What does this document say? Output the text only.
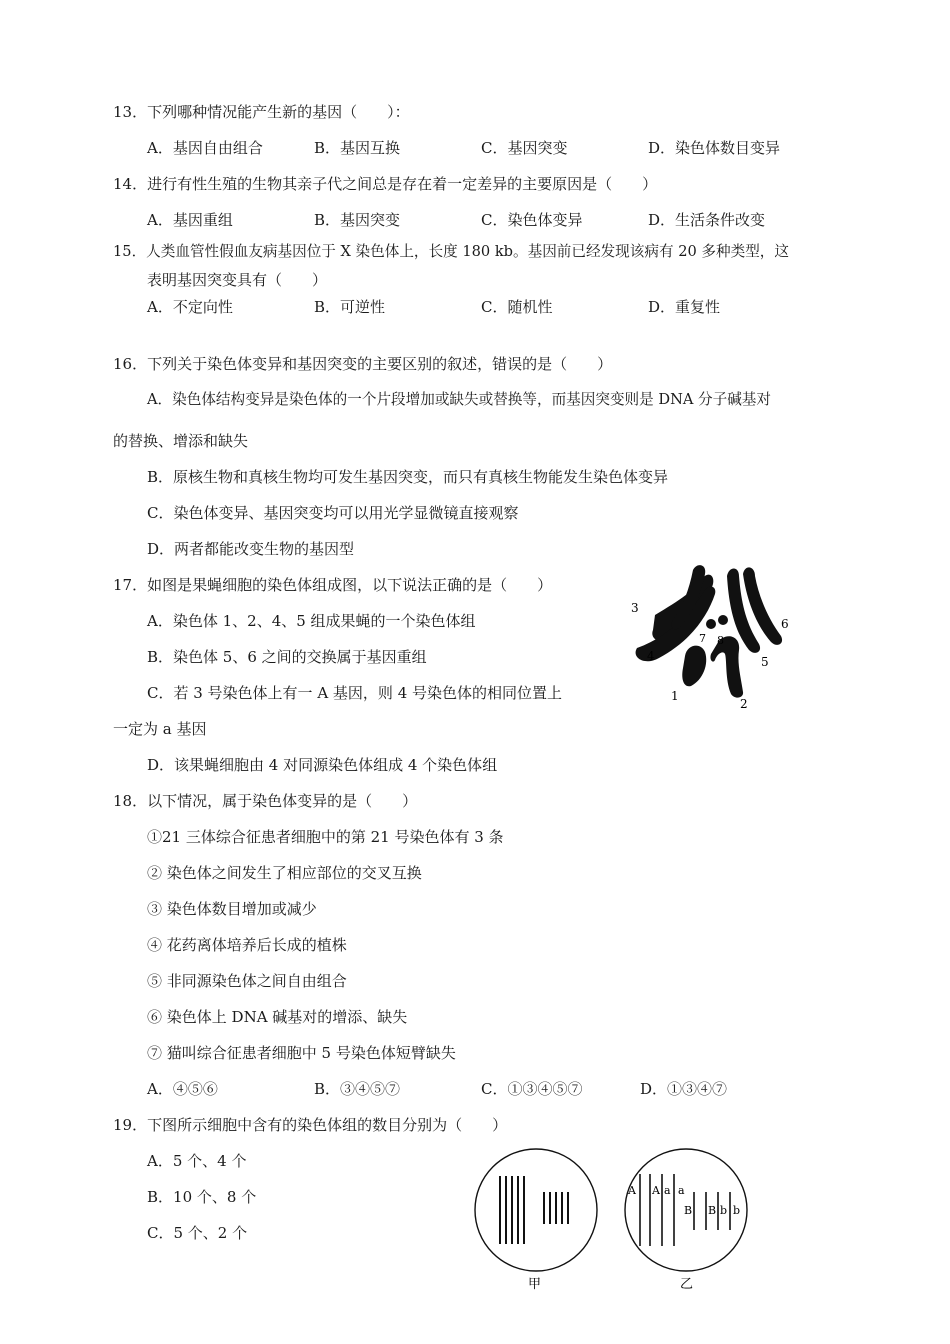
13．下列哪种情况能产生新的基因（　　）：
A．基因自由组合	B．基因互换	C．基因突变	D．染色体数目变异
14．进行有性生殖的生物其亲子代之间总是存在着一定差异的主要原因是（　　）
A．基因重组	B．基因突变	C．染色体变异	D．生活条件改变
15．人类血管性假血友病基因位于 X 染色体上，长度 180 kb。基因前已经发现该病有 20 多种类型，这
表明基因突变具有（　　）
A．不定向性	B．可逆性	C．随机性	D．重复性
16．下列关于染色体变异和基因突变的主要区别的叙述，错误的是（　　）
A．染色体结构变异是染色体的一个片段增加或缺失或替换等，而基因突变则是 DNA 分子碱基对
的替换、增添和缺失
B．原核生物和真核生物均可发生基因突变，而只有真核生物能发生染色体变异
C．染色体变异、基因突变均可以用光学显微镜直接观察
D．两者都能改变生物的基因型
17．如图是果蝇细胞的染色体组成图，以下说法正确的是（　　）
A．染色体 1、2、4、5 组成果蝇的一个染色体组
B．染色体 5、6 之间的交换属于基因重组
C．若 3 号染色体上有一 A 基因，则 4 号染色体的相同位置上
一定为 a 基因
D．该果蝇细胞由 4 对同源染色体组成 4 个染色体组
3
4
7 8
6
5
1
2
18．以下情况，属于染色体变异的是（　　）
①21 三体综合征患者细胞中的第 21 号染色体有 3 条
② 染色体之间发生了相应部位的交叉互换
③ 染色体数目增加或减少
④ 花药离体培养后长成的植株
⑤ 非同源染色体之间自由组合
⑥ 染色体上 DNA 碱基对的增添、缺失
⑦ 猫叫综合征患者细胞中 5 号染色体短臂缺失
A．④⑤⑥	B．③④⑤⑦	C．①③④⑤⑦	D．①③④⑦
19．下图所示细胞中含有的染色体组的数目分别为（　　）
A．5 个、4 个
B．10 个、8 个
C．5 个、2 个
甲
A A a a
B B b b
乙
